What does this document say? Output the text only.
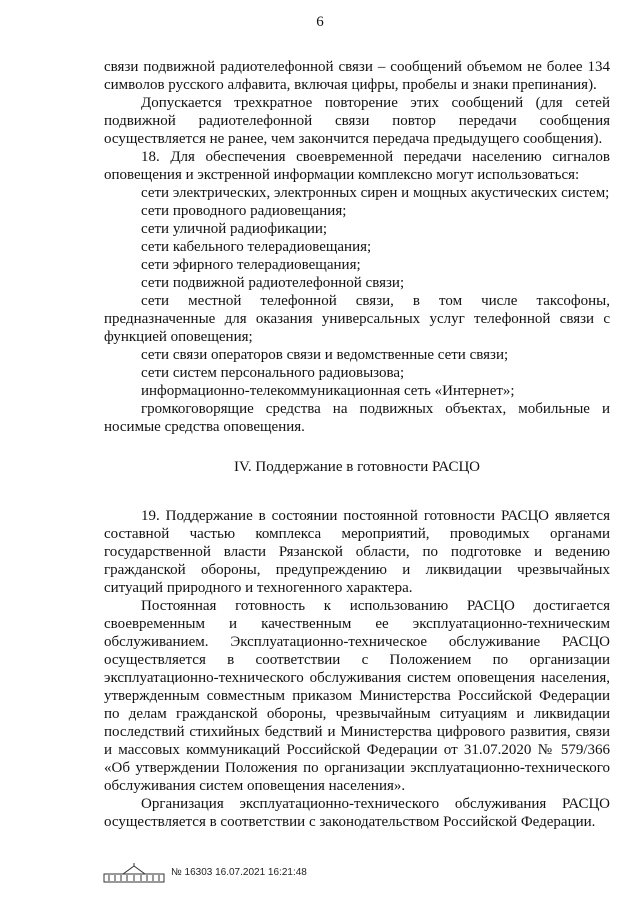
6

связи подвижной радиотелефонной связи – сообщений объемом не более 134 символов русского алфавита, включая цифры, пробелы и знаки препинания).

Допускается трехкратное повторение этих сообщений (для сетей подвижной радиотелефонной связи повтор передачи сообщения осуществляется не ранее, чем закончится передача предыдущего сообщения).

18. Для обеспечения своевременной передачи населению сигналов оповещения и экстренной информации комплексно могут использоваться:

сети электрических, электронных сирен и мощных акустических систем;

сети проводного радиовещания;

сети уличной радиофикации;

сети кабельного телерадиовещания;

сети эфирного телерадиовещания;

сети подвижной радиотелефонной связи;

сети местной телефонной связи, в том числе таксофоны, предназначенные для оказания универсальных услуг телефонной связи с функцией оповещения;

сети связи операторов связи и ведомственные сети связи;

сети систем персонального радиовызова;

информационно-телекоммуникационная сеть «Интернет»;

громкоговорящие средства на подвижных объектах, мобильные и носимые средства оповещения.

IV. Поддержание в готовности РАСЦО

19. Поддержание в состоянии постоянной готовности РАСЦО является составной частью комплекса мероприятий, проводимых органами государственной власти Рязанской области, по подготовке и ведению гражданской обороны, предупреждению и ликвидации чрезвычайных ситуаций природного и техногенного характера.

Постоянная готовность к использованию РАСЦО достигается своевременным и качественным ее эксплуатационно-техническим обслуживанием. Эксплуатационно-техническое обслуживание РАСЦО осуществляется в соответствии с Положением по организации эксплуатационно-технического обслуживания систем оповещения населения, утвержденным совместным приказом Министерства Российской Федерации по делам гражданской обороны, чрезвычайным ситуациям и ликвидации последствий стихийных бедствий и Министерства цифрового развития, связи и массовых коммуникаций Российской Федерации от 31.07.2020 № 579/366 «Об утверждении Положения по организации эксплуатационно-технического обслуживания систем оповещения населения».

Организация эксплуатационно-технического обслуживания РАСЦО осуществляется в соответствии с законодательством Российской Федерации.

№ 16303 16.07.2021 16:21:48
